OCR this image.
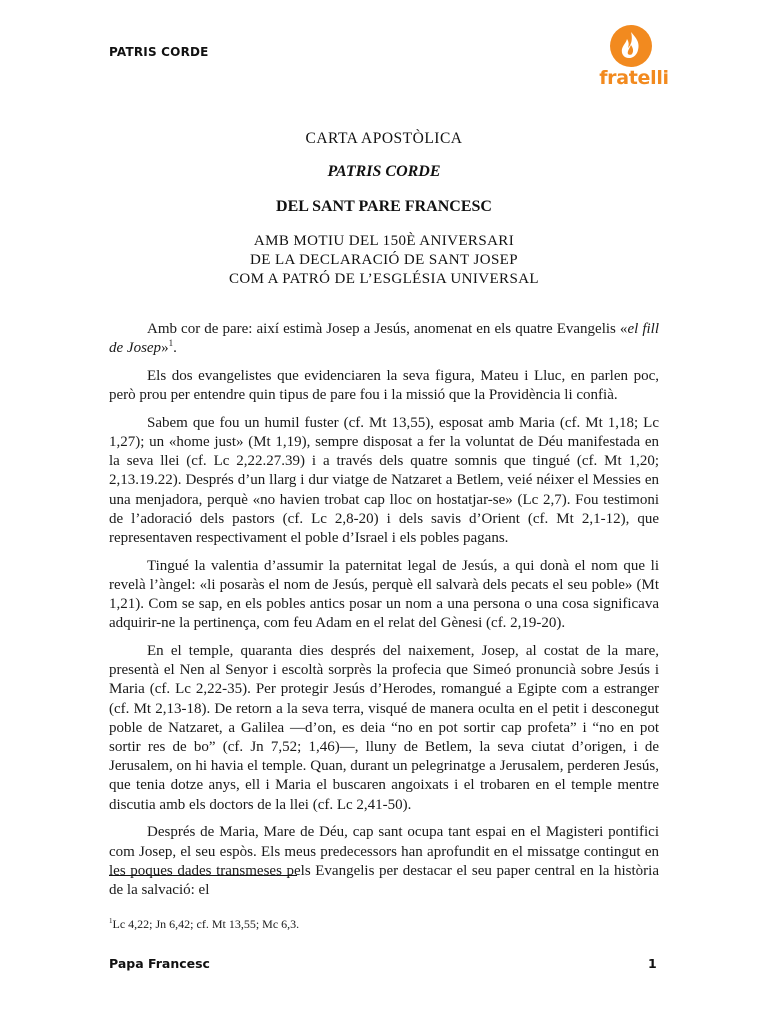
PATRIS CORDE
fratelli
CARTA APOSTÒLICA
PATRIS CORDE
DEL SANT PARE FRANCESC
AMB MOTIU DEL 150È ANIVERSARI
DE LA DECLARACIÓ DE SANT JOSEP
COM A PATRÓ DE L’ESGLÉSIA UNIVERSAL

Amb cor de pare: així estimà Josep a Jesús, anomenat en els quatre Evangelis «el fill de Josep»$^1$.

Els dos evangelistes que evidenciaren la seva figura, Mateu i Lluc, en parlen poc, però prou per entendre quin tipus de pare fou i la missió que la Providència li confià.

Sabem que fou un humil fuster (cf. Mt 13,55), esposat amb Maria (cf. Mt 1,18; Lc 1,27); un «home just» (Mt 1,19), sempre disposat a fer la voluntat de Déu manifestada en la seva llei (cf. Lc 2,22.27.39) i a través dels quatre somnis que tingué (cf. Mt 1,20; 2,13.19.22). Després d’un llarg i dur viatge de Natzaret a Betlem, veié néixer el Messies en una menjadora, perquè «no havien trobat cap lloc on hostatjar-se» (Lc 2,7). Fou testimoni de l’adoració dels pastors (cf. Lc 2,8-20) i dels savis d’Orient (cf. Mt 2,1-12), que representaven respectivament el poble d’Israel i els pobles pagans.

Tingué la valentia d’assumir la paternitat legal de Jesús, a qui donà el nom que li revelà l’àngel: «li posaràs el nom de Jesús, perquè ell salvarà dels pecats el seu poble» (Mt 1,21). Com se sap, en els pobles antics posar un nom a una persona o una cosa significava adquirir-ne la pertinença, com feu Adam en el relat del Gènesi (cf. 2,19-20).

En el temple, quaranta dies després del naixement, Josep, al costat de la mare, presentà el Nen al Senyor i escoltà sorprès la profecia que Simeó pronuncià sobre Jesús i Maria (cf. Lc 2,22-35). Per protegir Jesús d’Herodes, romangué a Egipte com a estranger (cf. Mt 2,13-18). De retorn a la seva terra, visqué de manera oculta en el petit i desconegut poble de Natzaret, a Galilea —d’on, es deia “no en pot sortir cap profeta” i “no en pot sortir res de bo” (cf. Jn 7,52; 1,46)—, lluny de Betlem, la seva ciutat d’origen, i de Jerusalem, on hi havia el temple. Quan, durant un pelegrinatge a Jerusalem, perderen Jesús, que tenia dotze anys, ell i Maria el buscaren angoixats i el trobaren en el temple mentre discutia amb els doctors de la llei (cf. Lc 2,41-50).

Després de Maria, Mare de Déu, cap sant ocupa tant espai en el Magisteri pontifici com Josep, el seu espòs. Els meus predecessors han aprofundit en el missatge contingut en les poques dades transmeses pels Evangelis per destacar el seu paper central en la història de la salvació: el

$^1$Lc 4,22; Jn 6,42; cf. Mt 13,55; Mc 6,3.
Papa Francesc	1
